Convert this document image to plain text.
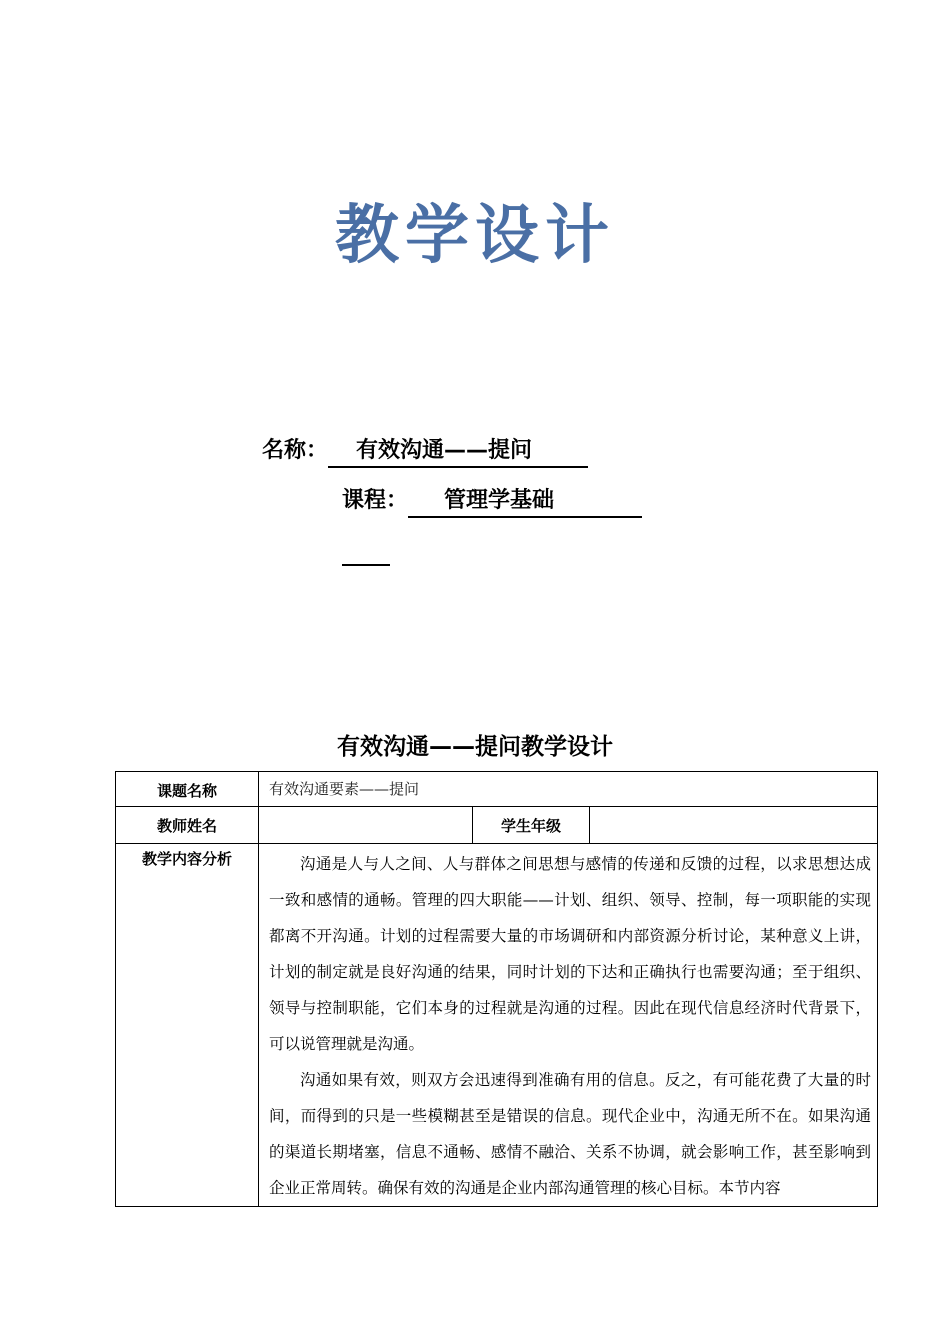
教学设计
名称： 有效沟通——提问
课程： 管理学基础
有效沟通——提问教学设计
课题名称	有效沟通要素——提问		
教师姓名		学生年级	
教学内容分析	沟通是人与人之间、人与群体之间思想与感情的传递和反馈的过程，以求思想达成一致和感情的通畅。管理的四大职能——计划、组织、领导、控制，每一项职能的实现都离不开沟通。计划的过程需要大量的市场调研和内部资源分析讨论，某种意义上讲，计划的制定就是良好沟通的结果，同时计划的下达和正确执行也需要沟通；至于组织、领导与控制职能，它们本身的过程就是沟通的过程。因此在现代信息经济时代背景下，可以说管理就是沟通。

沟通如果有效，则双方会迅速得到准确有用的信息。反之，有可能花费了大量的时间，而得到的只是一些模糊甚至是错误的信息。现代企业中，沟通无所不在。如果沟通的渠道长期堵塞，信息不通畅、感情不融洽、关系不协调，就会影响工作，甚至影响到企业正常周转。确保有效的沟通是企业内部沟通管理的核心目标。本节内容		
